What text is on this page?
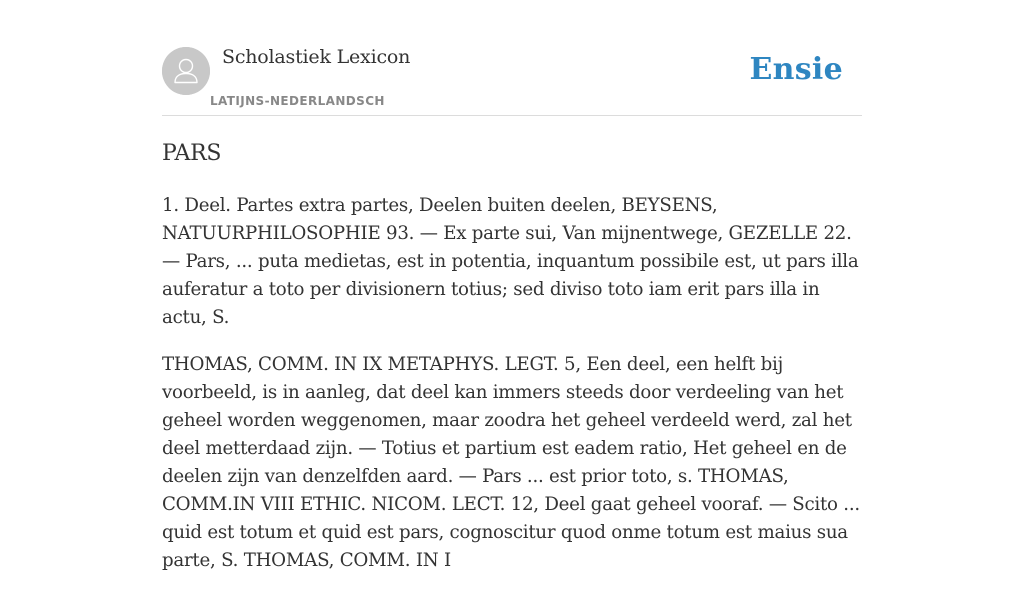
Scholastiek Lexicon
LATIJNS-NEDERLANDSCH
Ensie
PARS

1. Deel. Partes extra partes, Deelen buiten deelen, BEYSENS, NATUURPHILOSOPHIE 93. — Ex parte sui, Van mijnentwege, GEZELLE 22. — Pars, ... puta medietas, est in potentia, inquantum possibile est, ut pars illa auferatur a toto per divisionern totius; sed diviso toto iam erit pars illa in actu, S.

THOMAS, COMM. IN IX METAPHYS. LEGT. 5, Een deel, een helft bij voorbeeld, is in aanleg, dat deel kan immers steeds door verdeeling van het geheel worden weggenomen, maar zoodra het geheel verdeeld werd, zal het deel metterdaad zijn. — Totius et partium est eadem ratio, Het geheel en de deelen zijn van denzelfden aard. — Pars ... est prior toto, s. THOMAS, COMM.IN VIII ETHIC. NICOM. LECT. 12, Deel gaat geheel vooraf. — Scito ... quid est totum et quid est pars, cognoscitur quod onme totum est maius sua parte, S. THOMAS, COMM. IN I
